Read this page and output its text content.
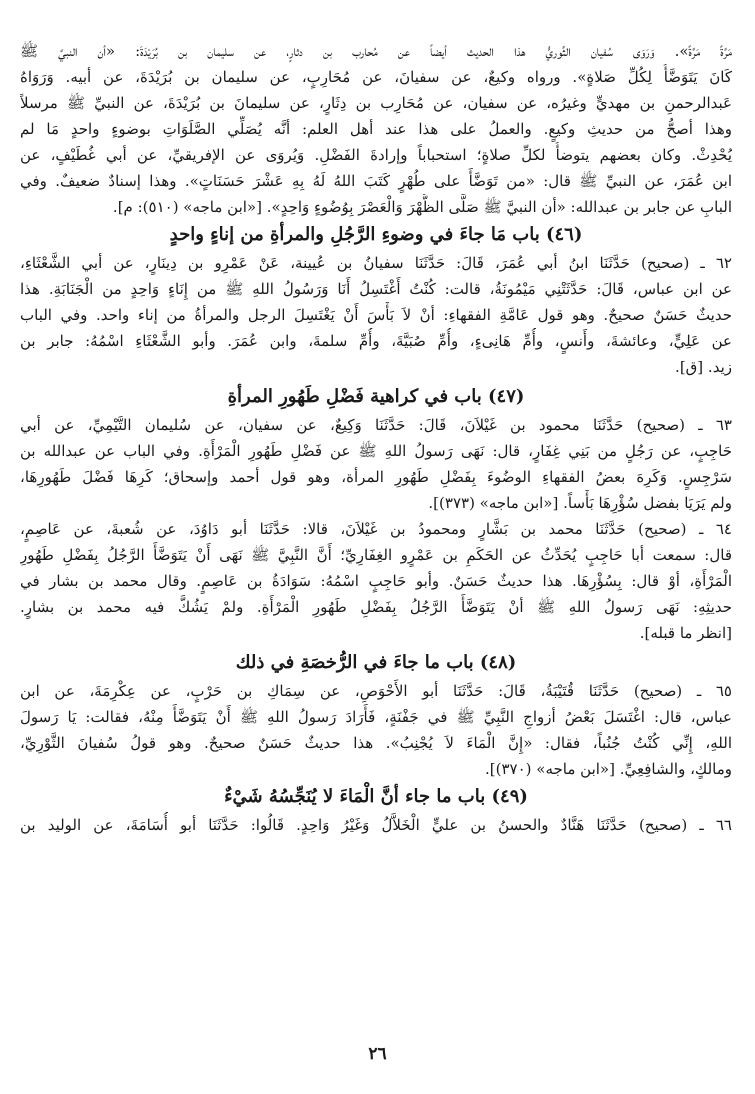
مَرَّةً مَرَّةً». وَرَوَى سُفيان الثَّوريُّ هذا الحديث أيضاً عن مُحارب بن دثارٍ، عن سليمان بن بُرَيْدَةَ: «أن النبيَّ ﷺ
كَانَ يَتَوَضَّأُ لِكُلِّ صَلاةٍ». ورواه وكيعٌ، عن سفيانَ، عن مُحَارِبٍ، عن سليمان بن بُرَيْدَةَ، عن أبيه. وَرَوَاهُ
عَبدالرحمنِ بن مهديٍّ وغيرُه، عن سفيان، عن مُحَارِب بن دِثَارٍ، عن سليمانَ بن بُرَيْدَةَ، عن النبيِّ ﷺ مرسلاً
وهذا أصحُّ من حديثِ وكيعٍ. والعملُ على هذا عند أهل العلم: أنَّه يُصَلِّي الصَّلَوَاتِ بوضوءٍ واحدٍ مَا لم
يُحْدِثْ. وكان بعضهم يتوضأُ لكلِّ صلاةٍ؛ استحباباً وإرادةَ الفَضْلِ. وَيُروَى عن الإفريقيِّ، عن أبي غُطَيْفٍ، عن
ابن عُمَرَ، عن النبيِّ ﷺ قال: «من تَوَضَّأَ على طُهْرٍ كَتَبَ اللهُ لَهُ بِهِ عَشْرَ حَسَنَاتٍ». وهذا إسنادٌ ضعيفٌ. وفي
البابِ عن جابر بن عبدالله: «أن النبيَّ ﷺ صَلَّى الظُّهْرَ وَالْعَصْرَ بِوُضُوءٍ وَاحِدٍ». [«ابن ماجه» (٥١٠): م].
(٤٦) باب مَا جاءَ في وضوءِ الرَّجُلِ والمرأةِ من إناءٍ واحدٍ
٦٢ ـ (صحيح) حَدَّثَنَا ابنُ أبي عُمَرَ، قَالَ: حَدَّثَنَا سفيانُ بن عُيينة، عَنْ عَمْرِو بن دِينَارٍ، عن أبي الشَّعْثَاءِ،
عن ابن عباس، قَالَ: حَدَّثَتْنِي مَيْمُونَةُ، قالت: كُنْتُ أَغْتَسِلُ أَنَا وَرَسُولُ اللهِ ﷺ من إِنَاءٍ وَاحِدٍ من الْجَنَابَةِ. هذا
حديثٌ حَسَنٌ صحيحٌ. وهو قول عَامَّةِ الفقهاءِ: أنْ لاَ بَأْسَ أَنْ يَغْتَسِلَ الرجل والمرأةُ من إناء واحد. وفي الباب
عن عَلِيٍّ، وعائشةَ، وأَنسٍ، وأُمِّ هَانِىءٍ، وأُمِّ صُبَيَّةَ، وأُمِّ سلمةَ، وابن عُمَرَ. وأبو الشَّعْثَاءِ اسْمُهُ: جابر بن
زيد. [ق].
(٤٧) باب في كراهية فَضْلِ طَهُورِ المرأةِ
٦٣ ـ (صحيح) حَدَّثَنَا محمود بن غَيْلاَنَ، قَالَ: حَدَّثَنَا وَكِيعٌ، عن سفيان، عن سُليمان التَّيْمِيِّ، عن أبي
حَاجِبٍ، عن رَجُلٍ من بَنِي غِفَارٍ، قال: نَهَى رَسولُ اللهِ ﷺ عن فَضْلِ طَهُورِ الْمَرْأَةِ. وفي الباب عن عبدالله بن
سَرْجِسٍ. وَكَرِهَ بعضُ الفقهاءِ الوضُوءَ بِفَضْلِ طَهُورِ المرأة، وهو قول أحمد وإسحاق؛ كَرِهَا فَضْلَ طَهُورِهَا،
ولم يَرَيَا بفضل سُؤْرِهَا بَأْساً. [«ابن ماجه» (٣٧٣)].
٦٤ ـ (صحيح) حَدَّثَنَا محمد بن بَشَّارٍ ومحمودُ بن غَيْلاَنَ، قالا: حَدَّثَنَا أبو دَاوُدَ، عن شُعبةَ، عن عَاصِمٍ،
قال: سمعت أبا حَاجِبٍ يُحَدِّثُ عن الحَكَمِ بن عَمْرٍو الغِفَارِيِّ؛ أَنَّ النَّبِيَّ ﷺ نَهَى أَنْ يَتَوَضَّأَ الرَّجُلُ بِفَضْلِ طَهُورِ
الْمَرْأَةِ، أوْ قال: بِسُؤْرِهَا. هذا حديثٌ حَسَنٌ. وأبو حَاجِبٍ اسْمُهُ: سَوَادَةُ بن عَاصِمٍ. وقال محمد بن بشار في
حديثِهِ: نَهَى رَسولُ اللهِ ﷺ أنْ يَتَوَضَّأَ الرَّجُلُ بِفَضْلِ طَهُورِ الْمَرْأَةِ. ولمْ يَشُكَّ فيه محمد بن بشارٍ.
[انظر ما قبله].
(٤٨) باب ما جاءَ في الرُّخصَةِ في ذلك
٦٥ ـ (صحيح) حَدَّثَنَا قُتَيْبَةُ، قَالَ: حَدَّثَنَا أبو الأَحْوَصِ، عن سِمَاكِ بن حَرْبٍ، عن عِكْرِمَةَ، عن ابن
عباس، قال: اغْتَسَلَ بَعْضُ أزواجِ النَّبِيِّ ﷺ في جَفْنَةٍ، فَأَرَادَ رَسولُ اللهِ ﷺ أَنْ يَتَوَضَّأَ مِنْهُ، فقالت: يَا رَسولَ
اللهِ، إِنِّي كُنْتُ جُنُباً، فقال: «إِنَّ الْمَاءَ لاَ يُجْنِبُ». هذا حديثٌ حَسَنٌ صحيحٌ. وهو قولُ سُفيانَ الثَّوْرِيِّ،
ومالكٍ، والشافِعِيِّ. [«ابن ماجه» (٣٧٠)].
(٤٩) باب ما جاء أنَّ الْمَاءَ لا يُنَجِّسُهُ شَيْءٌ
٦٦ ـ (صحيح) حَدَّثَنَا هَنَّادٌ والحسنُ بن عليٍّ الْخَلاَّلُ وَغَيْرُ وَاحِدٍ. قَالُوا: حَدَّثَنَا أبو أُسَامَةَ، عن الوليد بن
٢٦
